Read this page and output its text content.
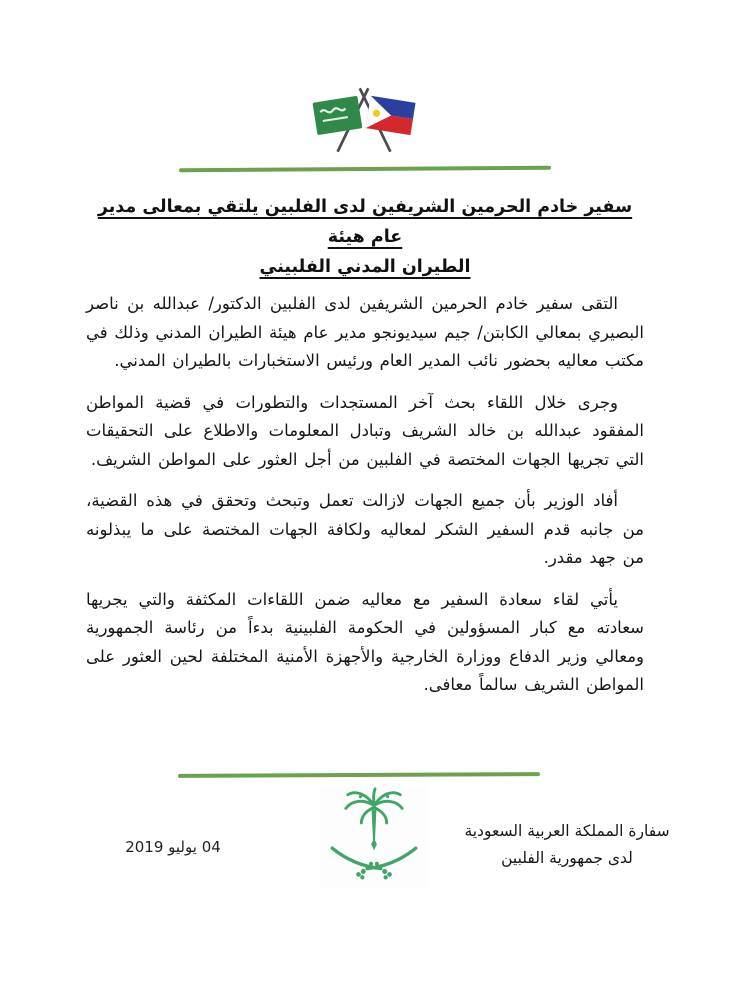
سفير خادم الحرمين الشريفين لدى الفلبين يلتقي بمعالى مدير عام هيئة
الطيران المدني الفلبيني

التقى سفير خادم الحرمين الشريفين لدى الفلبين الدكتور/ عبدالله بن ناصر البصيري بمعالي الكابتن/ جيم سيديونجو مدير عام هيئة الطيران المدني وذلك في مكتب معاليه بحضور نائب المدير العام ورئيس الاستخبارات بالطيران المدني.

وجرى خلال اللقاء بحث آخر المستجدات والتطورات في قضية المواطن المفقود عبدالله بن خالد الشريف وتبادل المعلومات والاطلاع على التحقيقات التي تجريها الجهات المختصة في الفلبين من أجل العثور على المواطن الشريف.

أفاد الوزير بأن جميع الجهات لازالت تعمل وتبحث وتحقق في هذه القضية، من جانبه قدم السفير الشكر لمعاليه ولكافة الجهات المختصة على ما يبذلونه من جهد مقدر.

يأتي لقاء سعادة السفير مع معاليه ضمن اللقاءات المكثفة والتي يجريها سعادته مع كبار المسؤولين في الحكومة الفلبينية بدءاً من رئاسة الجمهورية ومعالي وزير الدفاع ووزارة الخارجية والأجهزة الأمنية المختلفة لحين العثور على المواطن الشريف سالماً معافى.

04 يوليو 2019
سفارة المملكة العربية السعودية
لدى جمهورية الفلبين
